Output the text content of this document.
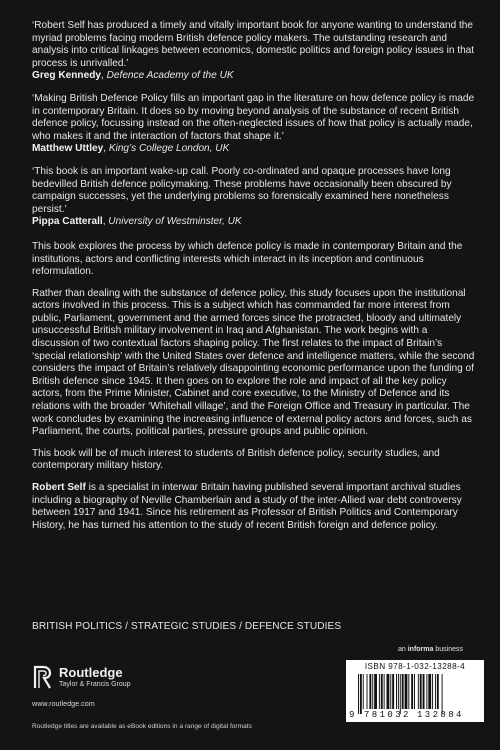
‘Robert Self has produced a timely and vitally important book for anyone wanting to understand the myriad problems facing modern British defence policy makers. The outstanding research and analysis into critical linkages between economics, domestic politics and foreign policy issues in that process is unrivalled.’
Greg Kennedy, Defence Academy of the UK
‘Making British Defence Policy fills an important gap in the literature on how defence policy is made in contemporary Britain. It does so by moving beyond analysis of the substance of recent British defence policy, focussing instead on the often-neglected issues of how that policy is actually made, who makes it and the interaction of factors that shape it.’
Matthew Uttley, King’s College London, UK
‘This book is an important wake-up call. Poorly co-ordinated and opaque processes have long bedevilled British defence policymaking. These problems have occasionally been obscured by campaign successes, yet the underlying problems so forensically examined here nonetheless persist.’
Pippa Catterall, University of Westminster, UK

This book explores the process by which defence policy is made in contemporary Britain and the institutions, actors and conflicting interests which interact in its inception and continuous reformulation.

Rather than dealing with the substance of defence policy, this study focuses upon the institutional actors involved in this process. This is a subject which has commanded far more interest from public, Parliament, government and the armed forces since the protracted, bloody and ultimately unsuccessful British military involvement in Iraq and Afghanistan. The work begins with a discussion of two contextual factors shaping policy. The first relates to the impact of Britain’s ‘special relationship’ with the United States over defence and intelligence matters, while the second considers the impact of Britain’s relatively disappointing economic performance upon the funding of British defence since 1945. It then goes on to explore the role and impact of all the key policy actors, from the Prime Minister, Cabinet and core executive, to the Ministry of Defence and its relations with the broader ‘Whitehall village’, and the Foreign Office and Treasury in particular. The work concludes by examining the increasing influence of external policy actors and forces, such as Parliament, the courts, political parties, pressure groups and public opinion.

This book will be of much interest to students of British defence policy, security studies, and contemporary military history.

Robert Self is a specialist in interwar Britain having published several important archival studies including a biography of Neville Chamberlain and a study of the inter-Allied war debt controversy between 1917 and 1941. Since his retirement as Professor of British Politics and Contemporary History, he has turned his attention to the study of recent British foreign and defence policy.

BRITISH POLITICS / STRATEGIC STUDIES / DEFENCE STUDIES
Routledge
Taylor & Francis Group
www.routledge.com
Routledge titles are available as eBook editions in a range of digital formats
an informa business
ISBN 978-1-032-13288-4
9 781032 132884
